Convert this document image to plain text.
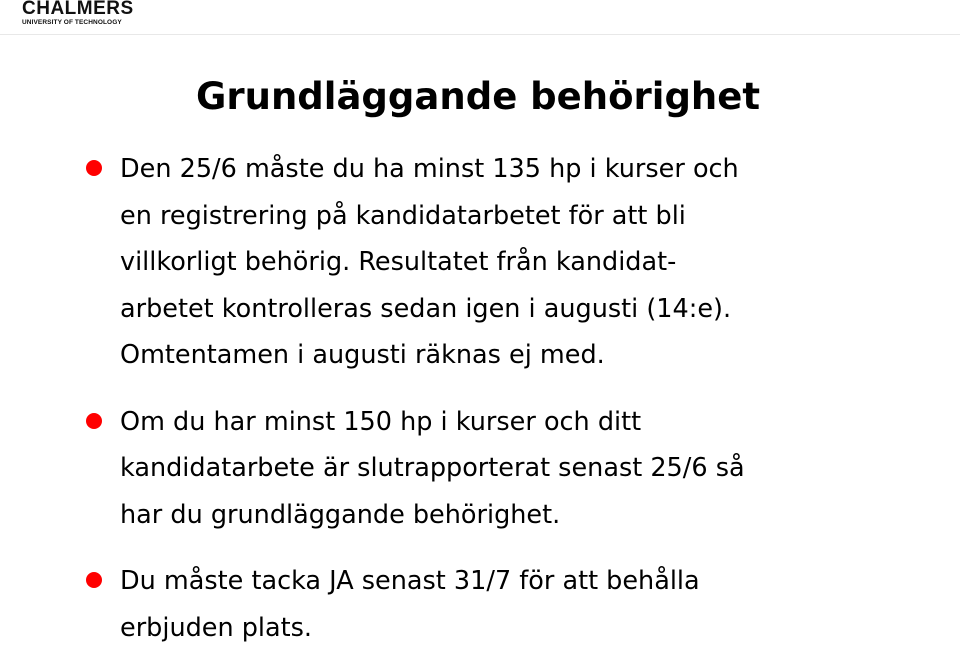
CHALMERS
UNIVERSITY OF TECHNOLOGY
Grundläggande behörighet
Den 25/6 måste du ha minst 135 hp i kurser och
en registrering på kandidatarbetet för att bli
villkorligt behörig. Resultatet från kandidat-
arbetet kontrolleras sedan igen i augusti (14:e).
Omtentamen i augusti räknas ej med.
Om du har minst 150 hp i kurser och ditt
kandidatarbete är slutrapporterat senast 25/6 så
har du grundläggande behörighet.
Du måste tacka JA senast 31/7 för att behålla
erbjuden plats.
